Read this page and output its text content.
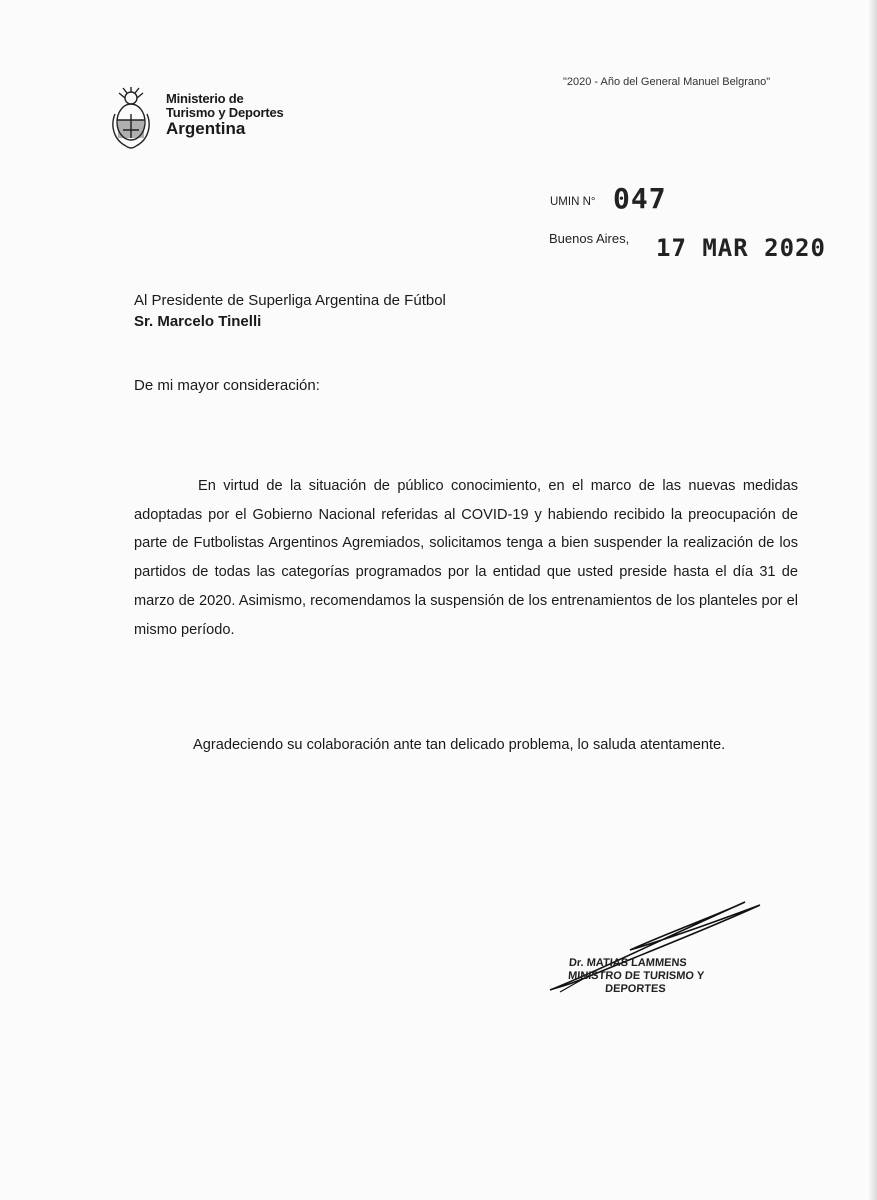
Ministerio de
Turismo y Deportes
Argentina
"2020 - Año del General Manuel Belgrano"
UMIN N° 047
Buenos Aires, 17 MAR 2020
Al Presidente de Superliga Argentina de Fútbol
Sr. Marcelo Tinelli
De mi mayor consideración:
En virtud de la situación de público conocimiento, en el marco de las nuevas medidas adoptadas por el Gobierno Nacional referidas al COVID-19 y habiendo recibido la preocupación de parte de Futbolistas Argentinos Agremiados, solicitamos tenga a bien suspender la realización de los partidos de todas las categorías programados por la entidad que usted preside hasta el día 31 de marzo de 2020. Asimismo, recomendamos la suspensión de los entrenamientos de los planteles por el mismo período.
Agradeciendo su colaboración ante tan delicado problema, lo saluda atentamente.
Dr. MATIAS LAMMENS
MINISTRO DE TURISMO Y
DEPORTES
